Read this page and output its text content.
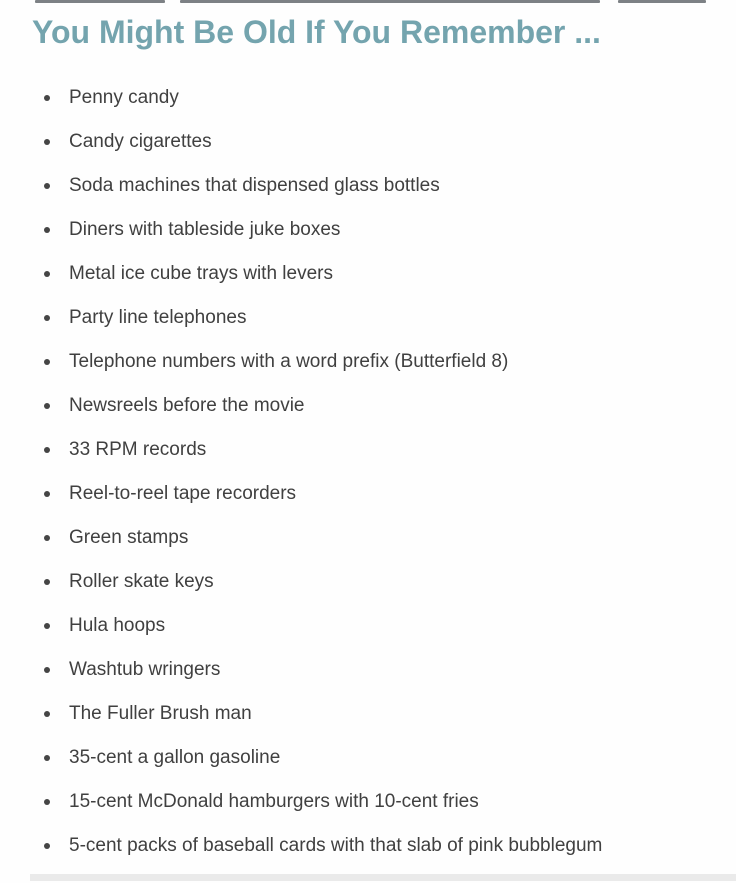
You Might Be Old If You Remember ...
Penny candy
Candy cigarettes
Soda machines that dispensed glass bottles
Diners with tableside juke boxes
Metal ice cube trays with levers
Party line telephones
Telephone numbers with a word prefix (Butterfield 8)
Newsreels before the movie
33 RPM records
Reel-to-reel tape recorders
Green stamps
Roller skate keys
Hula hoops
Washtub wringers
The Fuller Brush man
35-cent a gallon gasoline
15-cent McDonald hamburgers with 10-cent fries
5-cent packs of baseball cards with that slab of pink bubblegum
